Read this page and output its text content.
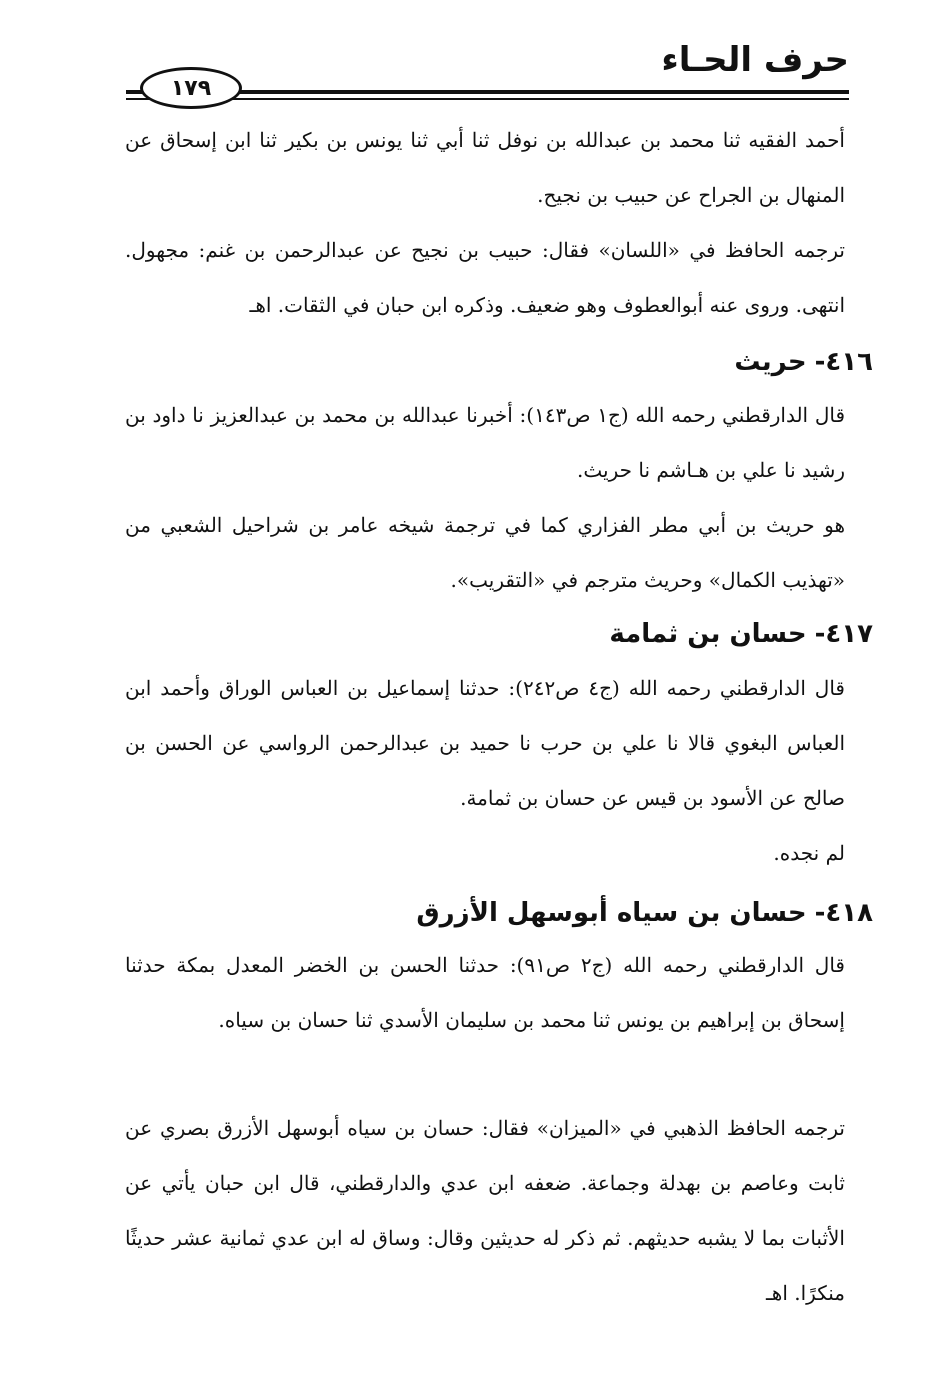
حرف الحـاء
١٧٩

أحمد الفقيه ثنا محمد بن عبدالله بن نوفل ثنا أبي ثنا يونس بن بكير ثنا ابن إسحاق عن المنهال بن الجراح عن حبيب بن نجيح.

ترجمه الحافظ في «اللسان» فقال: حبيب بن نجيح عن عبدالرحمن بن غنم: مجهول. انتهى. وروى عنه أبوالعطوف وهو ضعيف. وذكره ابن حبان في الثقات. اهـ

٤١٦-حريث

قال الدارقطني رحمه الله (ج١ ص١٤٣): أخبرنا عبدالله بن محمد بن عبدالعزيز نا داود بن رشيد نا علي بن هـاشم نا حريث.

هو حريث بن أبي مطر الفزاري كما في ترجمة شيخه عامر بن شراحيل الشعبي من «تهذيب الكمال» وحريث مترجم في «التقريب».

٤١٧-حسان بن ثمامة

قال الدارقطني رحمه الله (ج٤ ص٢٤٢): حدثنا إسماعيل بن العباس الوراق وأحمد ابن العباس البغوي قالا نا علي بن حرب نا حميد بن عبدالرحمن الرواسي عن الحسن بن صالح عن الأسود بن قيس عن حسان بن ثمامة.

لم نجده.

٤١٨-حسان بن سياه أبوسهل الأزرق

قال الدارقطني رحمه الله (ج٢ ص٩١): حدثنا الحسن بن الخضر المعدل بمكة حدثنا إسحاق بن إبراهيم بن يونس ثنا محمد بن سليمان الأسدي ثنا حسان بن سياه.

ترجمه الحافظ الذهبي في «الميزان» فقال: حسان بن سياه أبوسهل الأزرق بصري عن ثابت وعاصم بن بهدلة وجماعة. ضعفه ابن عدي والدارقطني، قال ابن حبان يأتي عن الأثبات بما لا يشبه حديثهم. ثم ذكر له حديثين وقال: وساق له ابن عدي ثمانية عشر حديثًا منكرًا. اهـ
